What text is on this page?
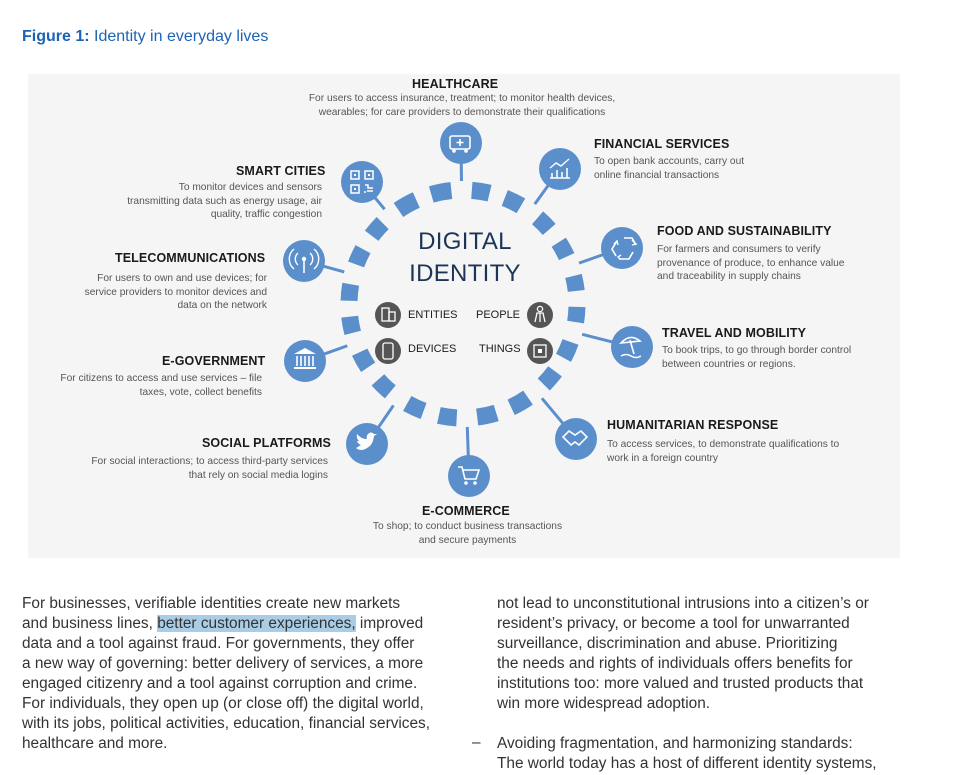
Figure 1: Identity in everyday lives
DIGITAL
IDENTITY
ENTITIES PEOPLE
DEVICES THINGS
HEALTHCARE
For users to access insurance, treatment; to monitor health devices,
wearables; for care providers to demonstrate their qualifications
FINANCIAL SERVICES
To open bank accounts, carry out
online financial transactions
FOOD AND SUSTAINABILITY
For farmers and consumers to verify
provenance of produce, to enhance value
and traceability in supply chains
TRAVEL AND MOBILITY
To book trips, to go through border control
between countries or regions.
HUMANITARIAN RESPONSE
To access services, to demonstrate qualifications to
work in a foreign country
E-COMMERCE
To shop; to conduct business transactions
and secure payments
SOCIAL PLATFORMS
For social interactions; to access third-party services
that rely on social media logins
E-GOVERNMENT
For citizens to access and use services – file
taxes, vote, collect benefits
TELECOMMUNICATIONS
For users to own and use devices; for
service providers to monitor devices and
data on the network
SMART CITIES
To monitor devices and sensors
transmitting data such as energy usage, air
quality, traffic congestion
For businesses, verifiable identities create new markets
and business lines, better customer experiences, improved
data and a tool against fraud. For governments, they offer
a new way of governing: better delivery of services, a more
engaged citizenry and a tool against corruption and crime.
For individuals, they open up (or close off) the digital world,
with its jobs, political activities, education, financial services,
healthcare and more.
not lead to unconstitutional intrusions into a citizen’s or
resident’s privacy, or become a tool for unwarranted
surveillance, discrimination and abuse. Prioritizing
the needs and rights of individuals offers benefits for
institutions too: more valued and trusted products that
win more widespread adoption.
– Avoiding fragmentation, and harmonizing standards:
The world today has a host of different identity systems,
